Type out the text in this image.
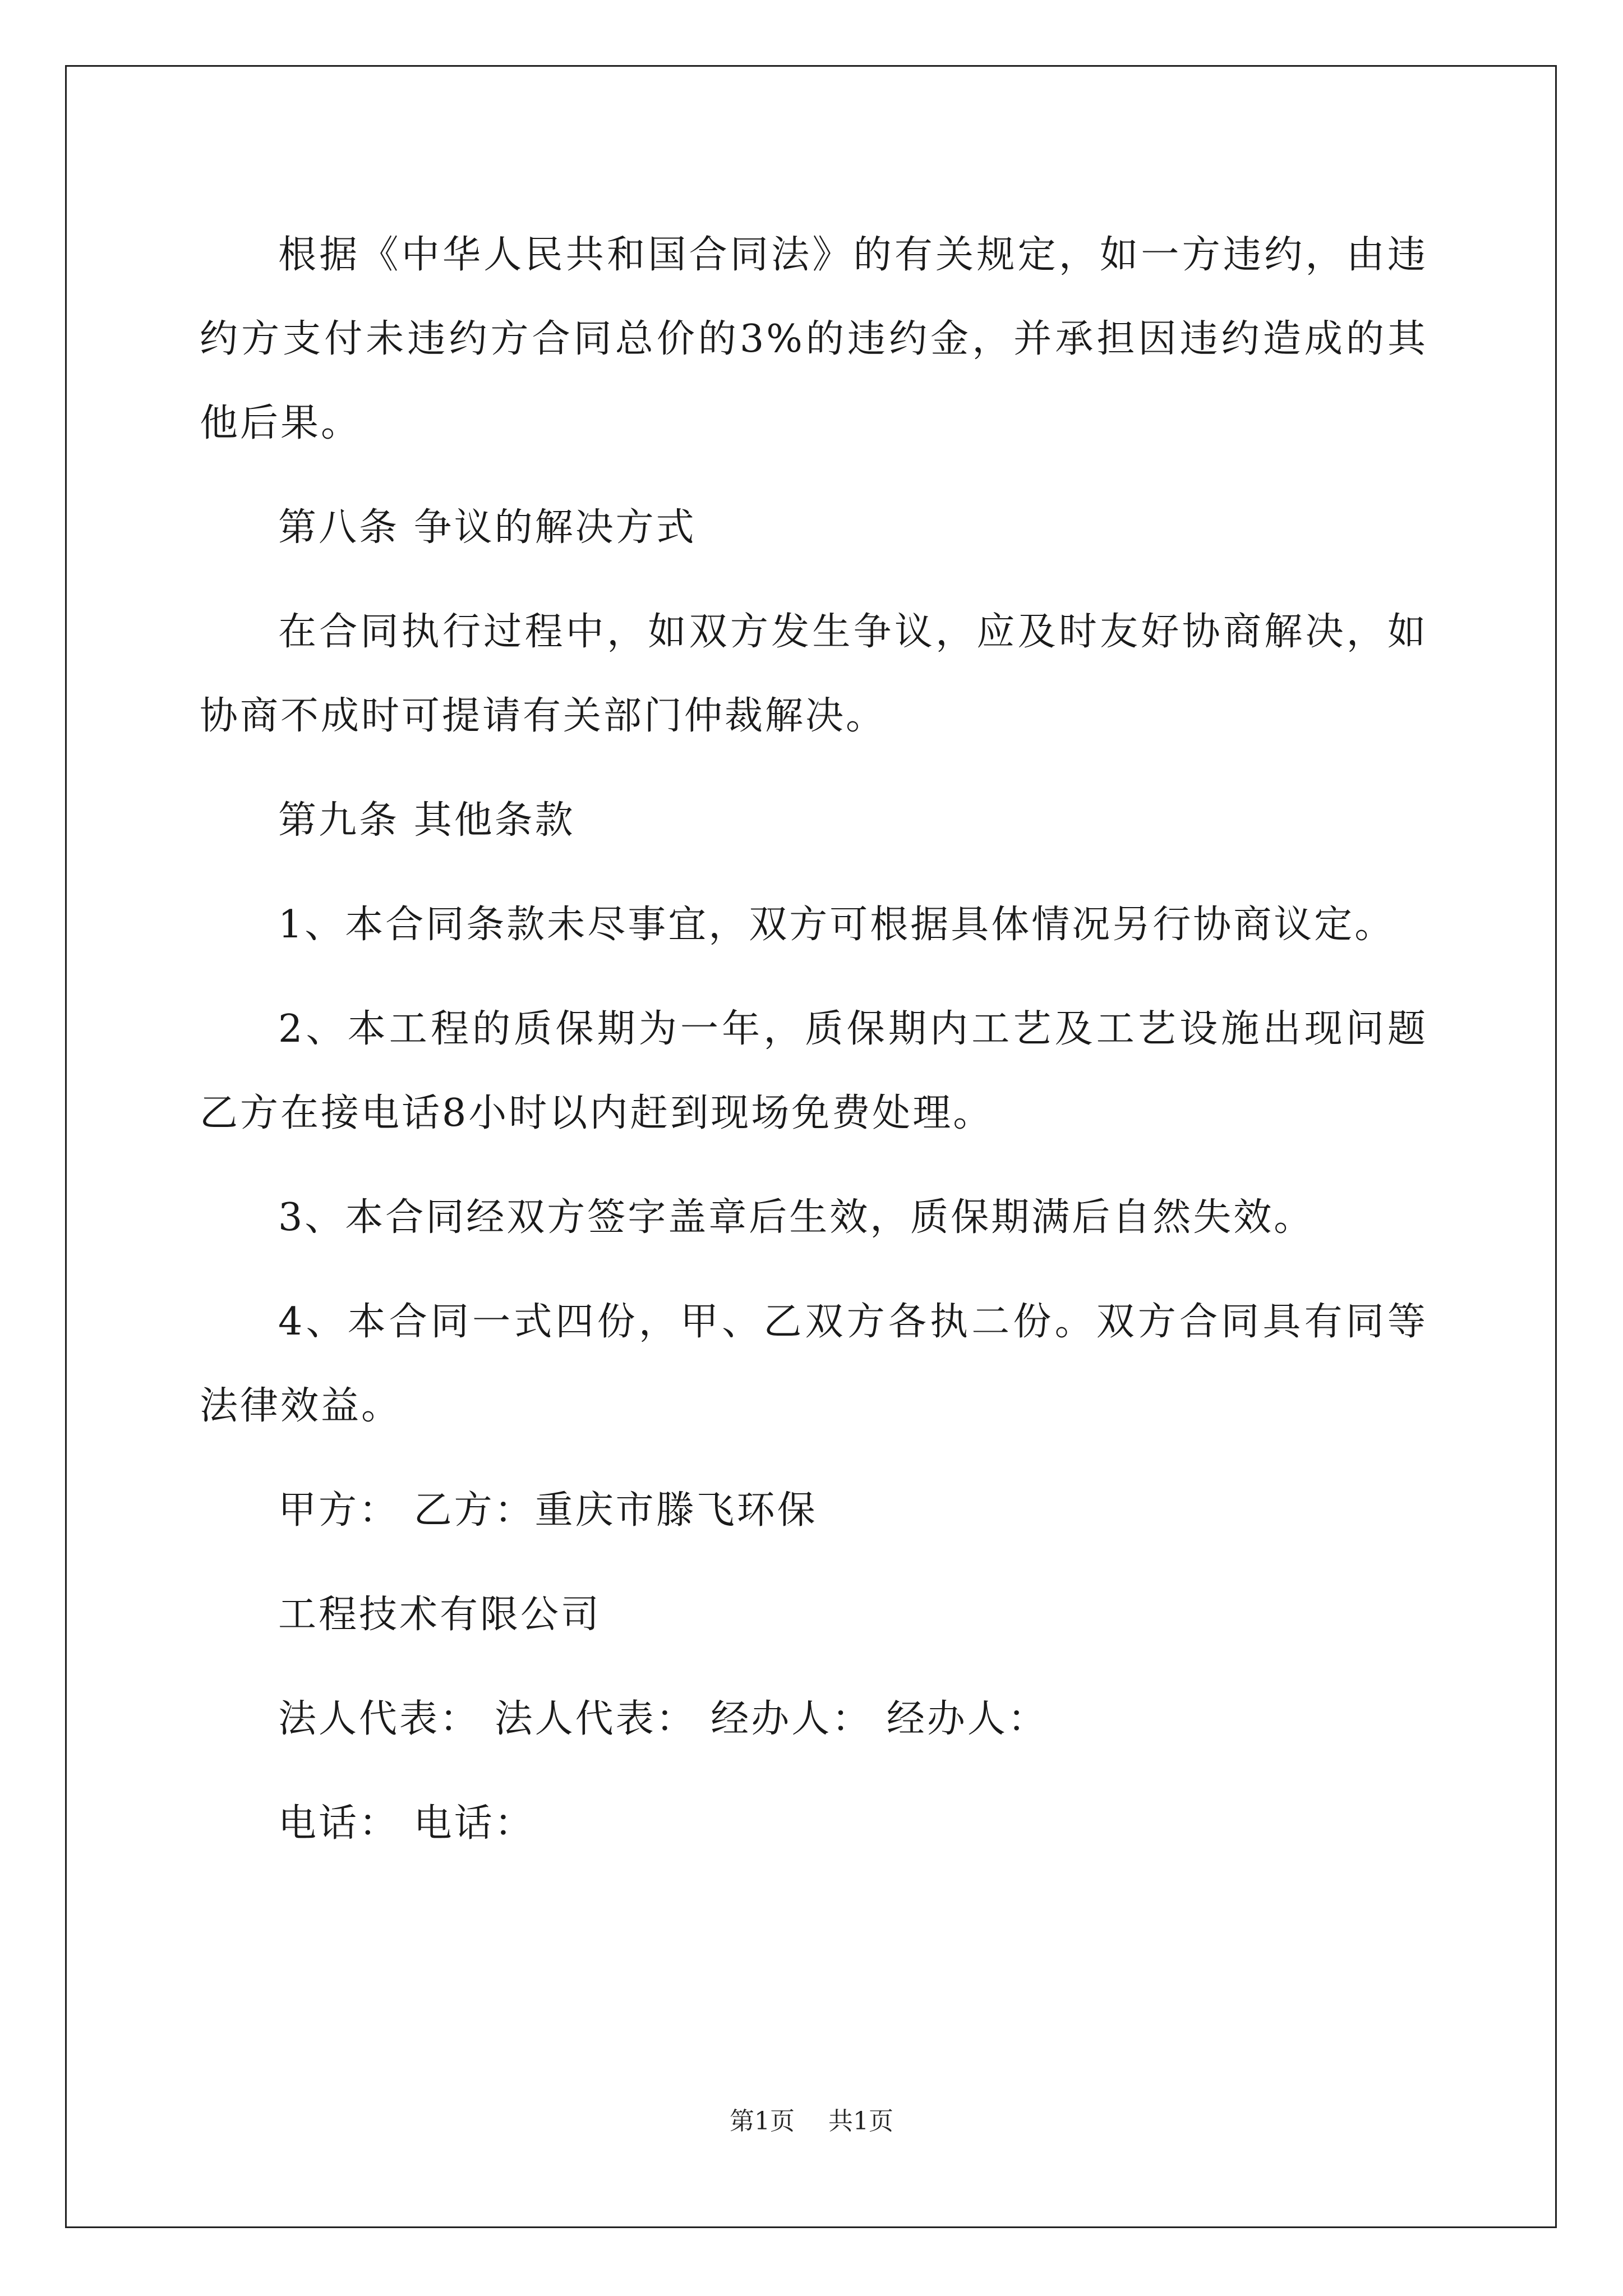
根据《中华人民共和国合同法》的有关规定，如一方违约，由违约方支付未违约方合同总价的3%的违约金，并承担因违约造成的其他后果。

第八条 争议的解决方式

在合同执行过程中，如双方发生争议，应及时友好协商解决，如协商不成时可提请有关部门仲裁解决。

第九条 其他条款

1、本合同条款未尽事宜，双方可根据具体情况另行协商议定。

2、本工程的质保期为一年，质保期内工艺及工艺设施出现问题乙方在接电话8小时以内赶到现场免费处理。

3、本合同经双方签字盖章后生效，质保期满后自然失效。

4、本合同一式四份，甲、乙双方各执二份。双方合同具有同等法律效益。

甲方： 乙方：重庆市滕飞环保

工程技术有限公司

法人代表： 法人代表： 经办人： 经办人：

电话： 电话：

第1页 共1页
